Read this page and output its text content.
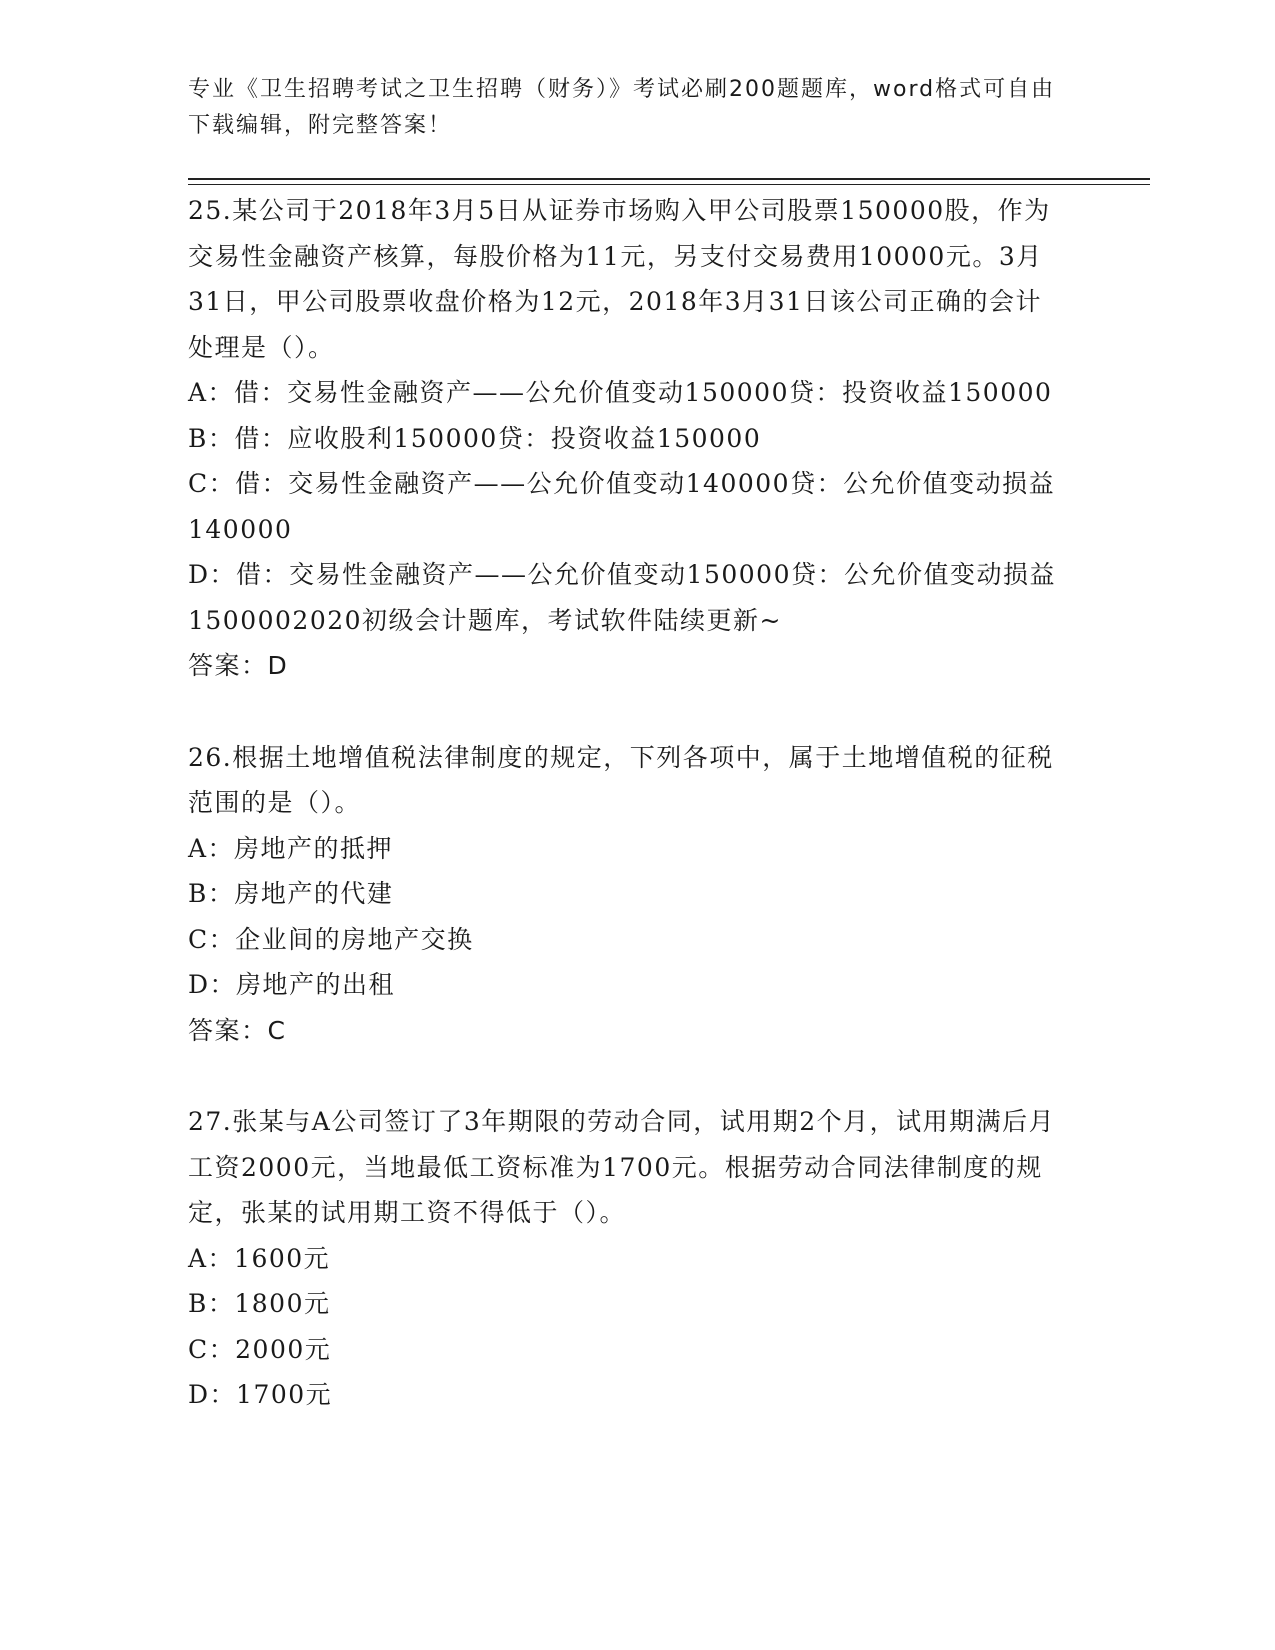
专业《卫生招聘考试之卫生招聘（财务）》考试必刷200题题库，word格式可自由下载编辑，附完整答案！

25.某公司于2018年3月5日从证券市场购入甲公司股票150000股，作为交易性金融资产核算，每股价格为11元，另支付交易费用10000元。3月31日，甲公司股票收盘价格为12元，2018年3月31日该公司正确的会计处理是（）。

A：借：交易性金融资产——公允价值变动150000贷：投资收益150000

B：借：应收股利150000贷：投资收益150000

C：借：交易性金融资产——公允价值变动140000贷：公允价值变动损益140000

D：借：交易性金融资产——公允价值变动150000贷：公允价值变动损益1500002020初级会计题库，考试软件陆续更新~

答案：D

26.根据土地增值税法律制度的规定，下列各项中，属于土地增值税的征税范围的是（）。

A：房地产的抵押

B：房地产的代建

C：企业间的房地产交换

D：房地产的出租

答案：C

27.张某与A公司签订了3年期限的劳动合同，试用期2个月，试用期满后月工资2000元，当地最低工资标准为1700元。根据劳动合同法律制度的规定，张某的试用期工资不得低于（）。

A：1600元

B：1800元

C：2000元

D：1700元
